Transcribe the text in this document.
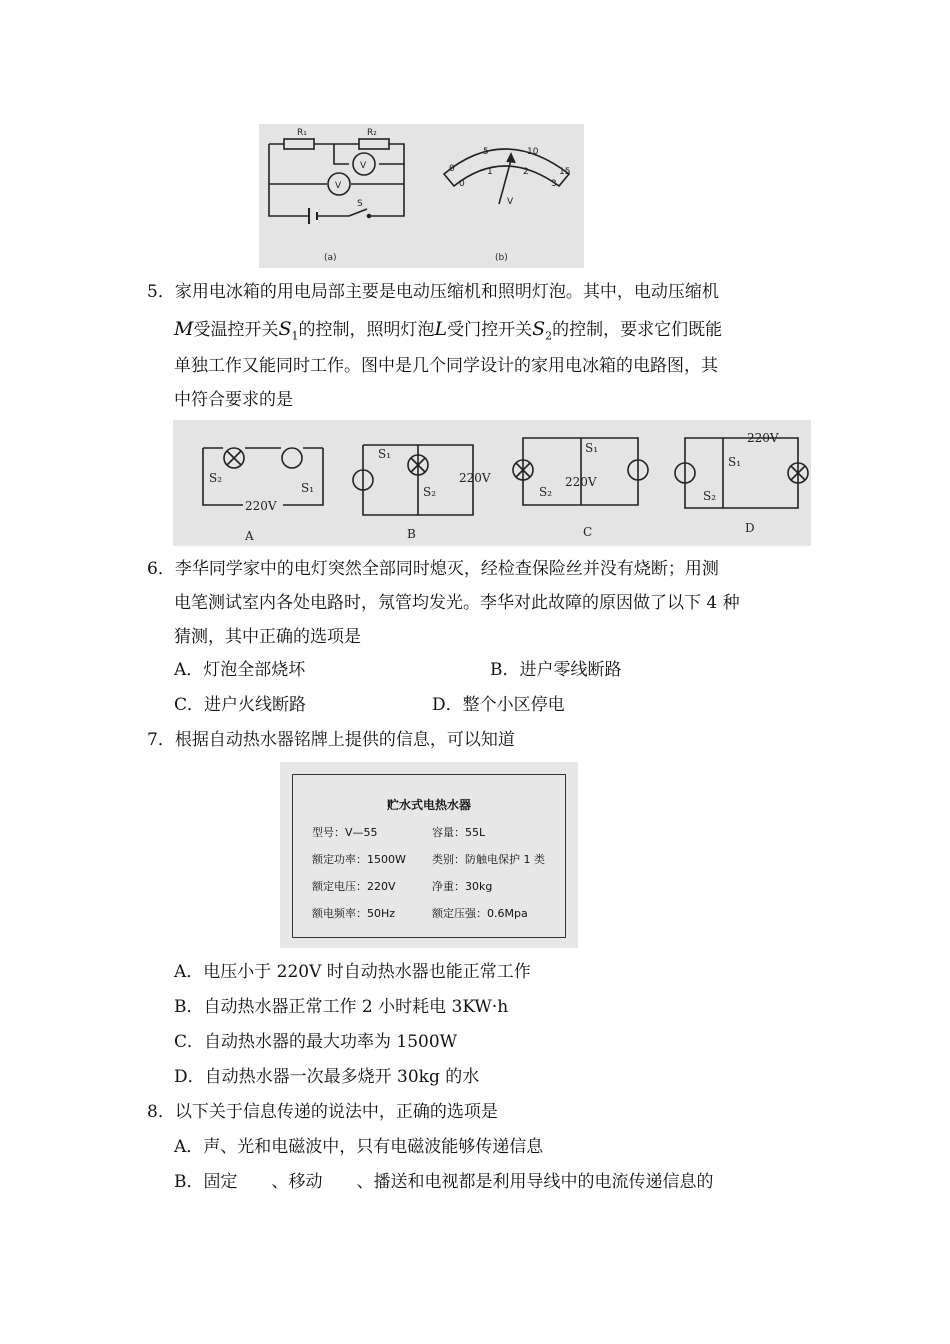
R₁	R₂
V
V
S
(a)	(b)
0
5	10
15
0
1	2
3
V
5．家用电冰箱的用电局部主要是电动压缩机和照明灯泡。其中，电动压缩机
M受温控开关$S_1$的控制，照明灯泡L受门控开关$S_2$的控制，要求它们既能
单独工作又能同时工作。图中是几个同学设计的家用电冰箱的电路图，其
中符合要求的是
A	B	C	D
220V
220V	220V
220V
S₂
S₁
S₁
S₂
S₁
S₂
S₁
S₂
6．李华同学家中的电灯突然全部同时熄灭，经检查保险丝并没有烧断；用测
电笔测试室内各处电路时，氖管均发光。李华对此故障的原因做了以下 4 种
猜测，其中正确的选项是
A．灯泡全部烧坏	B．进户零线断路
C．进户火线断路	D．整个小区停电
7．根据自动热水器铭牌上提供的信息，可以知道
贮水式电热水器
型号：V—55	容量：55L
额定功率：1500W 类别：防触电保护 1 类
额定电压：220V	净重：30kg
额电频率：50Hz	额定压强：0.6Mpa
A．电压小于 220V 时自动热水器也能正常工作
B．自动热水器正常工作 2 小时耗电 3KW·h
C．自动热水器的最大功率为 1500W
D．自动热水器一次最多烧开 30kg 的水
8．以下关于信息传递的说法中，正确的选项是
A．声、光和电磁波中，只有电磁波能够传递信息
B．固定　　、移动　　、播送和电视都是利用导线中的电流传递信息的
